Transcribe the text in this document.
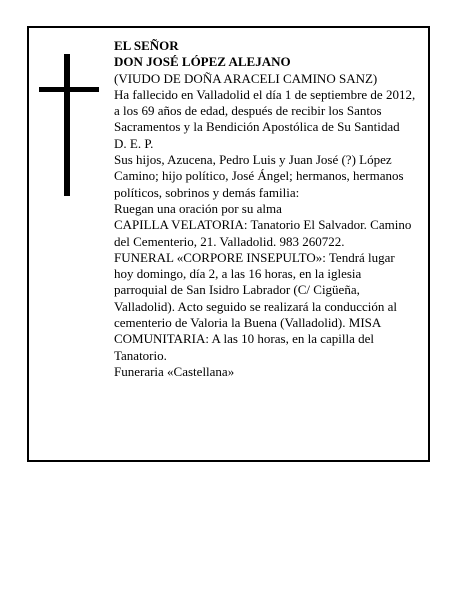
EL SEÑOR

DON JOSÉ LÓPEZ ALEJANO

(VIUDO DE DOÑA ARACELI CAMINO SANZ)

Ha fallecido en Valladolid el día 1 de septiembre de 2012, a los 69 años de edad, después de recibir los Santos Sacramentos y la Bendición Apostólica de Su Santidad

D. E. P.

Sus hijos, Azucena, Pedro Luis y Juan José (?) López Camino; hijo político, José Ángel; hermanos, hermanos políticos, sobrinos y demás familia:

Ruegan una oración por su alma

CAPILLA VELATORIA: Tanatorio El Salvador. Camino del Cementerio, 21. Valladolid. 983 260722.

FUNERAL «CORPORE INSEPULTO»: Tendrá lugar hoy domingo, día 2, a las 16 horas, en la iglesia parroquial de San Isidro Labrador (C/ Cigüeña, Valladolid). Acto seguido se realizará la conducción al cementerio de Valoria la Buena (Valladolid). MISA COMUNITARIA: A las 10 horas, en la capilla del Tanatorio.

Funeraria «Castellana»
